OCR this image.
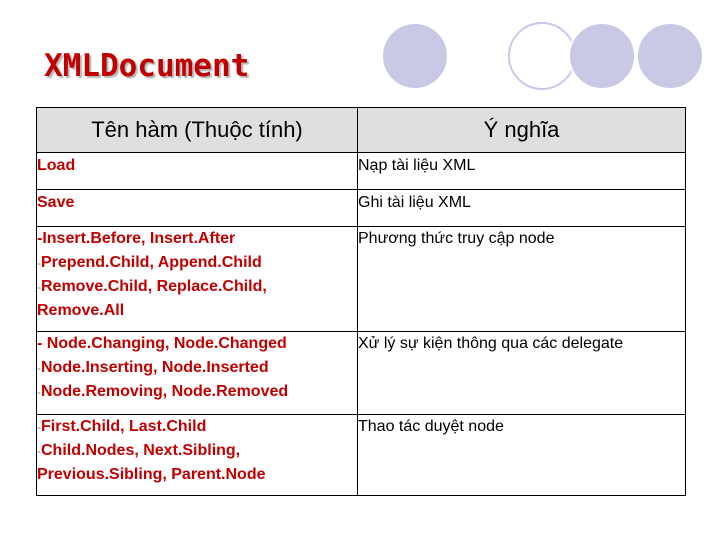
XMLDocument
Tên hàm (Thuộc tính)	Ý nghĩa

Load	Nạp tài liệu XML

Save	Ghi tài liệu XML

-Insert.Before, Insert.After
-Prepend.Child, Append.Child
-Remove.Child, Replace.Child,
Remove.All	Phương thức truy cập node

- Node.Changing, Node.Changed
-Node.Inserting, Node.Inserted
-Node.Removing, Node.Removed	Xử lý sự kiện thông qua các delegate

-First.Child, Last.Child
-Child.Nodes, Next.Sibling,
Previous.Sibling, Parent.Node	Thao tác duyệt node
